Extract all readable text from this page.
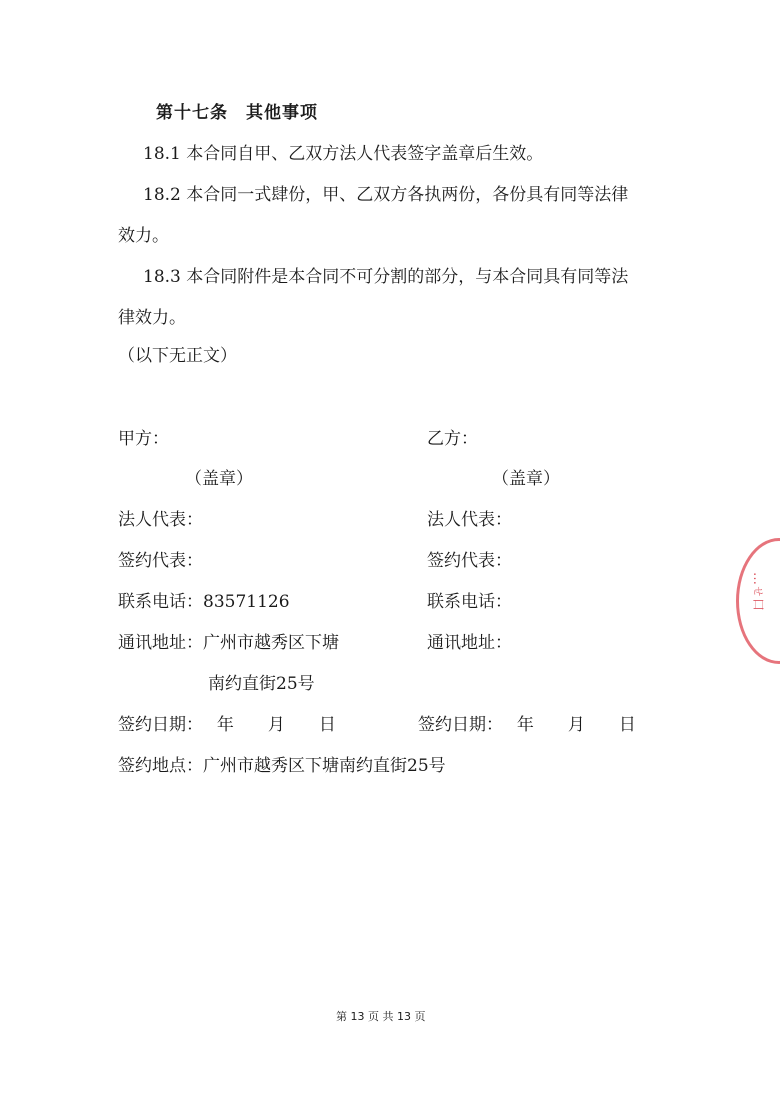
第十七条　其他事项
18.1 本合同自甲、乙双方法人代表签字盖章后生效。
18.2 本合同一式肆份，甲、乙双方各执两份，各份具有同等法律
效力。
18.3 本合同附件是本合同不可分割的部分，与本合同具有同等法
律效力。
（以下无正文）
甲方：
（盖章）
法人代表：
签约代表：
联系电话：83571126
通讯地址：广州市越秀区下塘
南约直街25号
签约日期：　 年　　月　　日
乙方：
（盖章）
法人代表：
签约代表：
联系电话：
通讯地址：
签约日期：　 年　　月　　日
签约地点：广州市越秀区下塘南约直街25号
第 13 页 共 13 页
…ㄝ口
